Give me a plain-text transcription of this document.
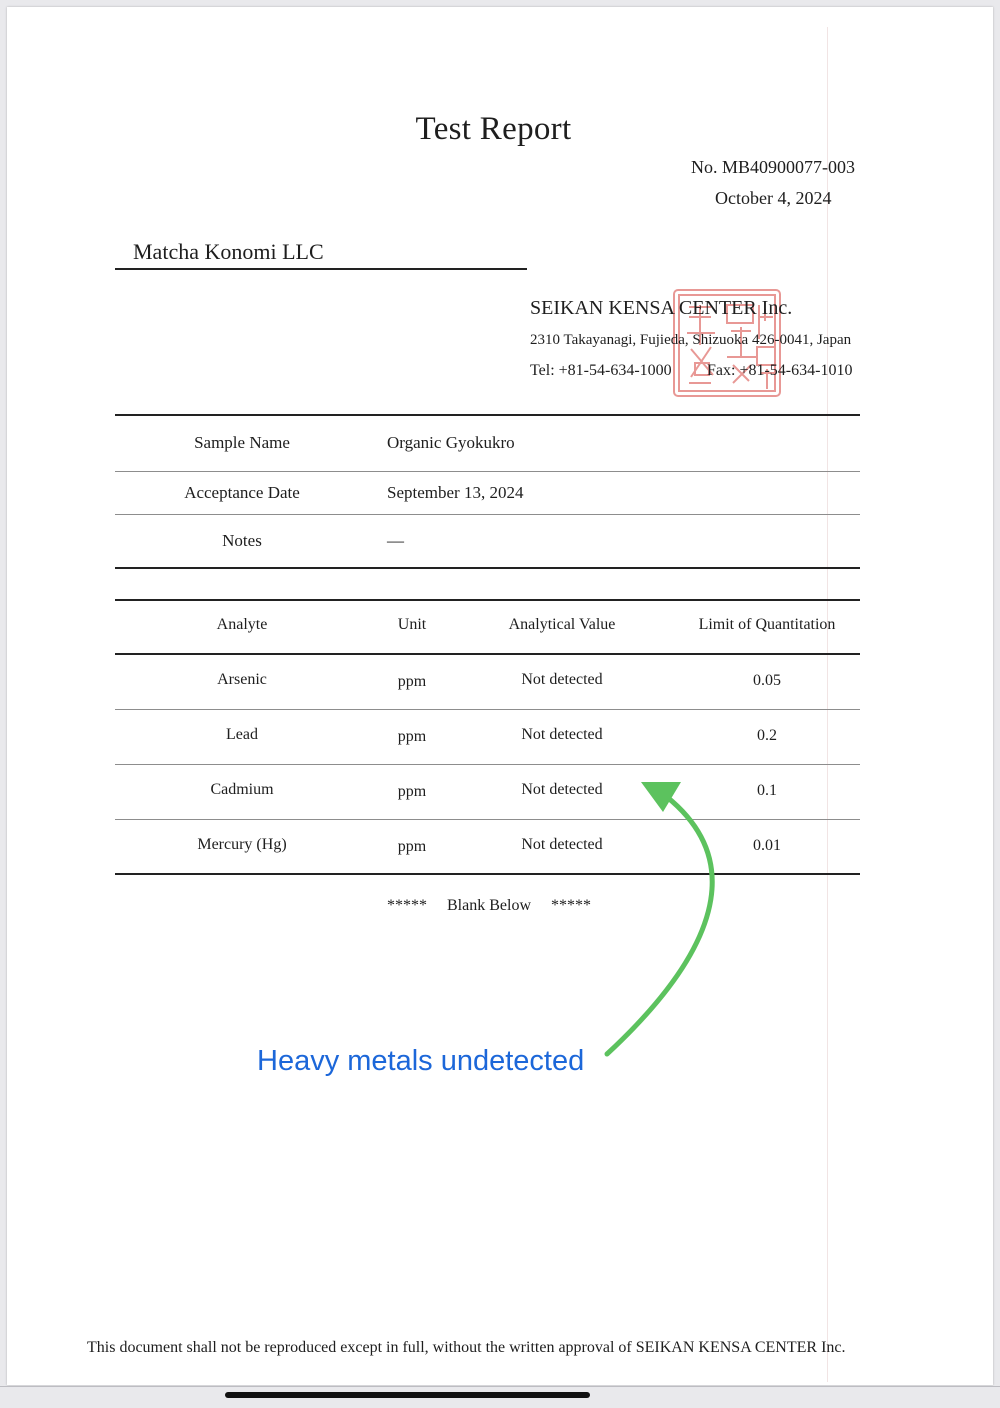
Test Report
No. MB40900077-003
October 4, 2024
Matcha Konomi LLC
SEIKAN KENSA CENTER Inc.
2310 Takayanagi, Fujieda, Shizuoka 426-0041, Japan
Tel: +81-54-634-1000 Fax: +81-54-634-1010
Sample Name	Organic Gyokukro
Acceptance Date	September 13, 2024
Notes	—
Analyte	Unit	Analytical Value	Limit of Quantitation
Arsenic	ppm	Not detected	0.05
Lead	ppm	Not detected	0.2
Cadmium	ppm	Not detected	0.1
Mercury (Hg)	ppm	Not detected	0.01
***** Blank Below *****
Heavy metals undetected
This document shall not be reproduced except in full, without the written approval of SEIKAN KENSA CENTER Inc.
